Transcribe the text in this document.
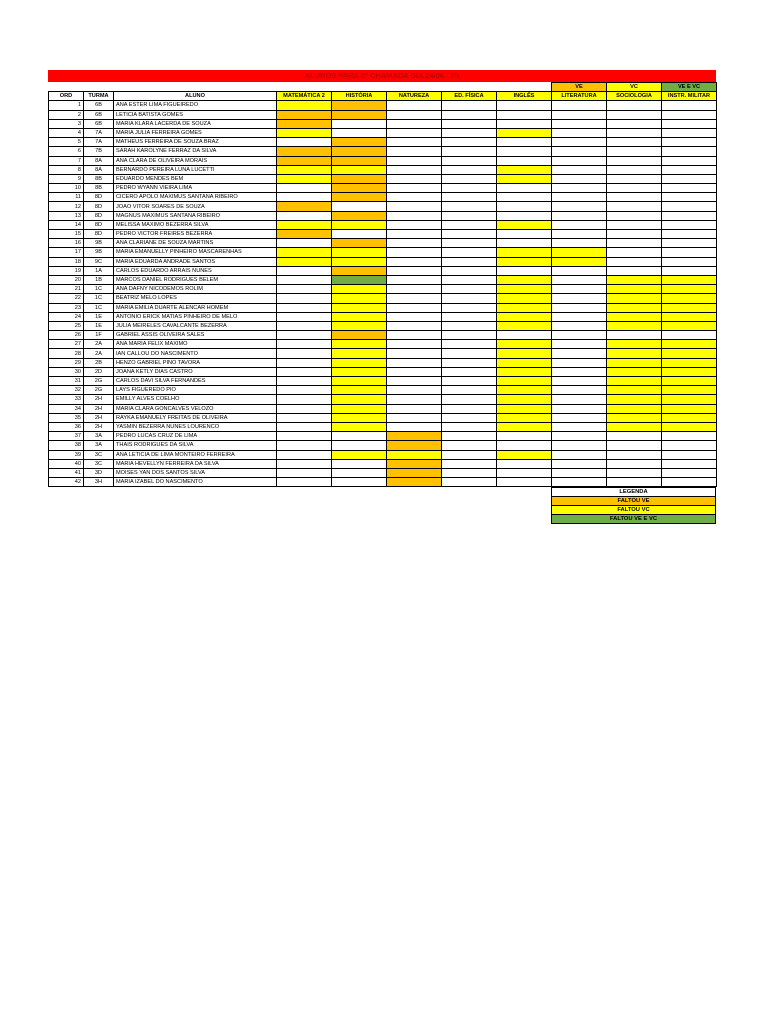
ALUNOS PARA 2ª CHAMADA DIA 24/06 - 7h
								VE	VC	VE E VC
ORD	TURMA	ALUNO	MATEMÁTICA 2	HISTÓRIA	NATUREZA	ED. FÍSICA	INGLÊS	LITERATURA	SOCIOLOGIA	INSTR. MILITAR
1	6B	ANA ESTER LIMA FIGUEIREDO								
2	6B	LETICIA BATISTA GOMES								
3	6B	MARIA KLARA LACERDA DE SOUZA								
4	7A	MARIA JULIA FERREIRA GOMES								
5	7A	MATHEUS FERREIRA DE SOUZA BRAZ								
6	7B	SARAH KAROLYNE FERRAZ DA SILVA								
7	8A	ANA CLARA DE OLIVEIRA MORAIS								
8	8A	BERNARDO PEREIRA LUNA LUCETTI								
9	8B	EDUARDO MENDES BEM								
10	8B	PEDRO WYANN VIEIRA LIMA								
11	8D	CICERO APOLO MAXIMUS SANTANA RIBEIRO								
12	8D	JOAO VITOR SOARES DE SOUZA								
13	8D	MAGNUS MAXIMUS SANTANA RIBEIRO								
14	8D	MELISSA MAXIMO BEZERRA SILVA								
15	8D	PEDRO VICTOR FREIRES BEZERRA								
16	9B	ANA CLARIANE DE SOUZA MARTINS								
17	9B	MARIA EMANUELLY PINHEIRO MASCARENHAS								
18	9C	MARIA EDUARDA ANDRADE SANTOS								
19	1A	CARLOS EDUARDO ARRAIS NUNES								
20	1B	MARCOS DANIEL RODRIGUES BELEM								
21	1C	ANA DAFNY NICODEMOS ROLIM								
22	1C	BEATRIZ MELO LOPES								
23	1C	MARIA EMILIA DUARTE ALENCAR HOMEM								
24	1E	ANTONIO ERICK MATIAS PINHEIRO DE MELO								
25	1E	JULIA MEIRELES CAVALCANTE BEZERRA								
26	1F	GABRIEL ASSIS OLIVEIRA SALES								
27	2A	ANA MARIA FELIX MAXIMO								
28	2A	IAN CALLOU DO NASCIMENTO								
29	2B	HENZO GABRIEL PINO TAVORA								
30	2D	JOANA KETLY DIAS CASTRO								
31	2G	CARLOS DAVI SILVA FERNANDES								
32	2G	LAYS FIGUEREDO PIO								
33	2H	EMILLY ALVES COELHO								
34	2H	MARIA CLARA GONCALVES VELOZO								
35	2H	RAYKA EMANUELY FREITAS DE OLIVEIRA								
36	2H	YASMIN BEZERRA NUNES LOURENCO								
37	3A	PEDRO LUCAS CRUZ DE LIMA								
38	3A	THAIS RODRIGUES DA SILVA								
39	3C	ANA LETICIA DE LIMA MONTEIRO FERREIRA								
40	3C	MARIA HEVELLYN FERREIRA DA SILVA								
41	3D	MOISES YAN DOS SANTOS SILVA								
42	3H	MARIA IZABEL DO NASCIMENTO								
LEGENDA
FALTOU VE
FALTOU VC
FALTOU VE E VC
